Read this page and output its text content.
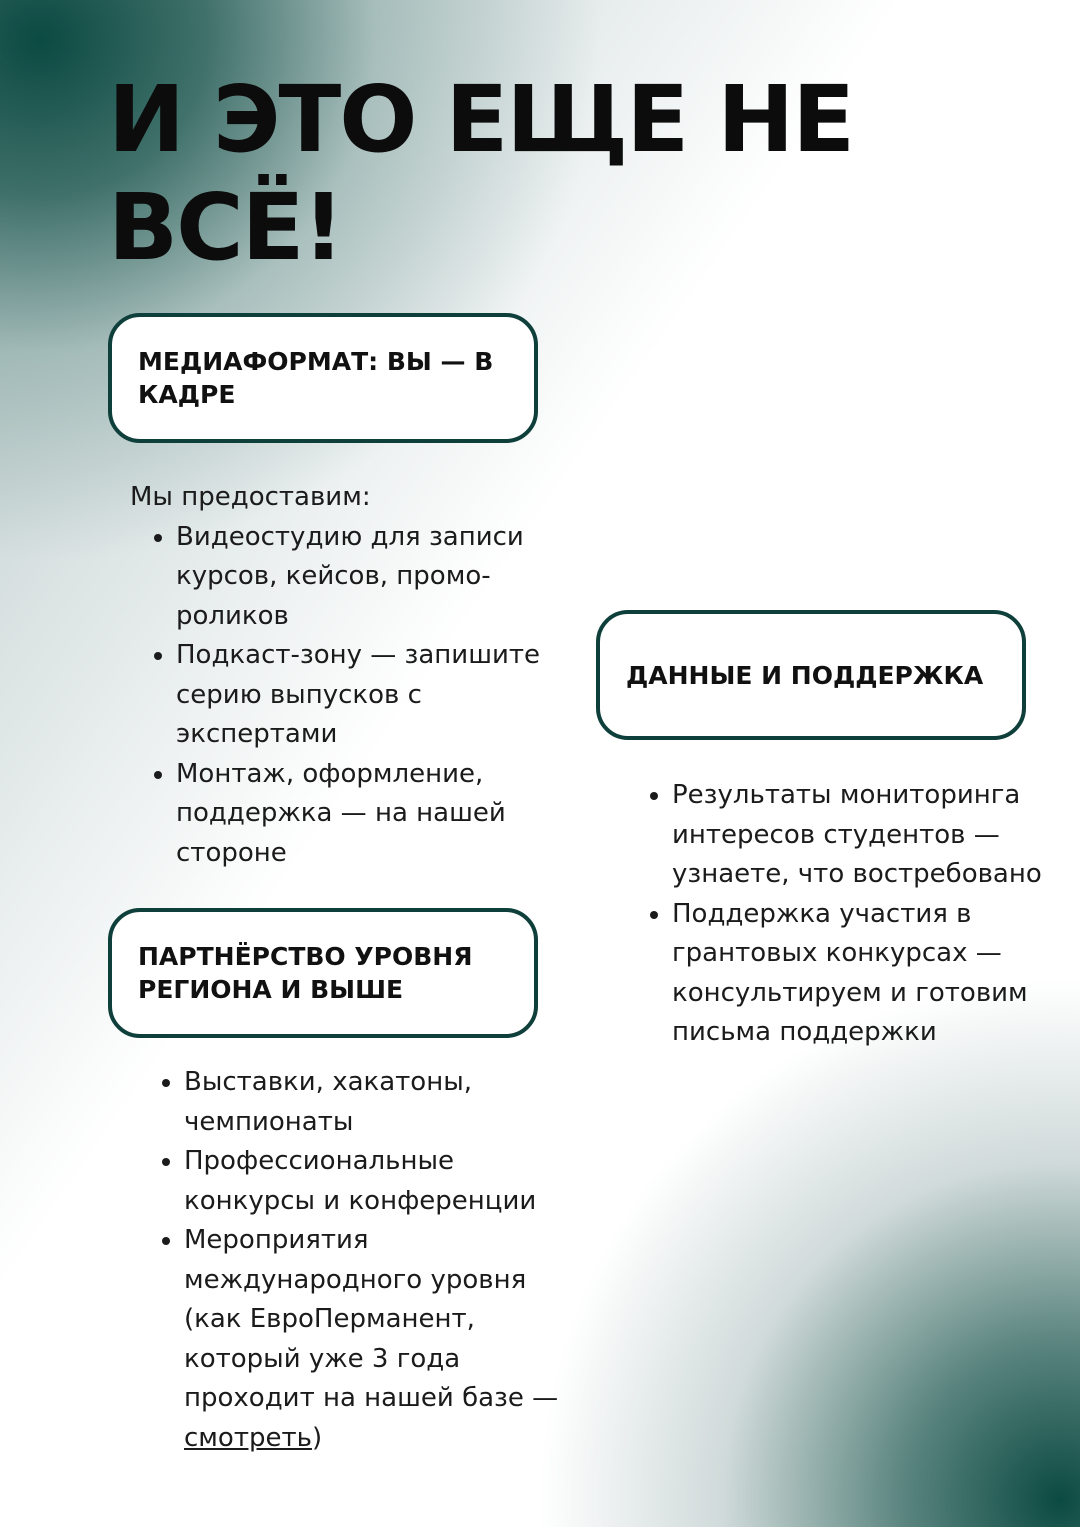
И ЭТО ЕЩЕ НЕ ВСЁ!
МЕДИАФОРМАТ: ВЫ — В КАДРЕ
Мы предоставим:
• Видеостудию для записи курсов, кейсов, промо-роликов
• Подкаст-зону — запишите серию выпусков с экспертами
• Монтаж, оформление, поддержка — на нашей стороне
ПАРТНЁРСТВО УРОВНЯ РЕГИОНА И ВЫШЕ
• Выставки, хакатоны, чемпионаты
• Профессиональные конкурсы и конференции
• Мероприятия международного уровня (как ЕвроПерманент, который уже 3 года проходит на нашей базе — смотреть)
ДАННЫЕ И ПОДДЕРЖКА
• Результаты мониторинга интересов студентов — узнаете, что востребовано
• Поддержка участия в грантовых конкурсах — консультируем и готовим письма поддержки
